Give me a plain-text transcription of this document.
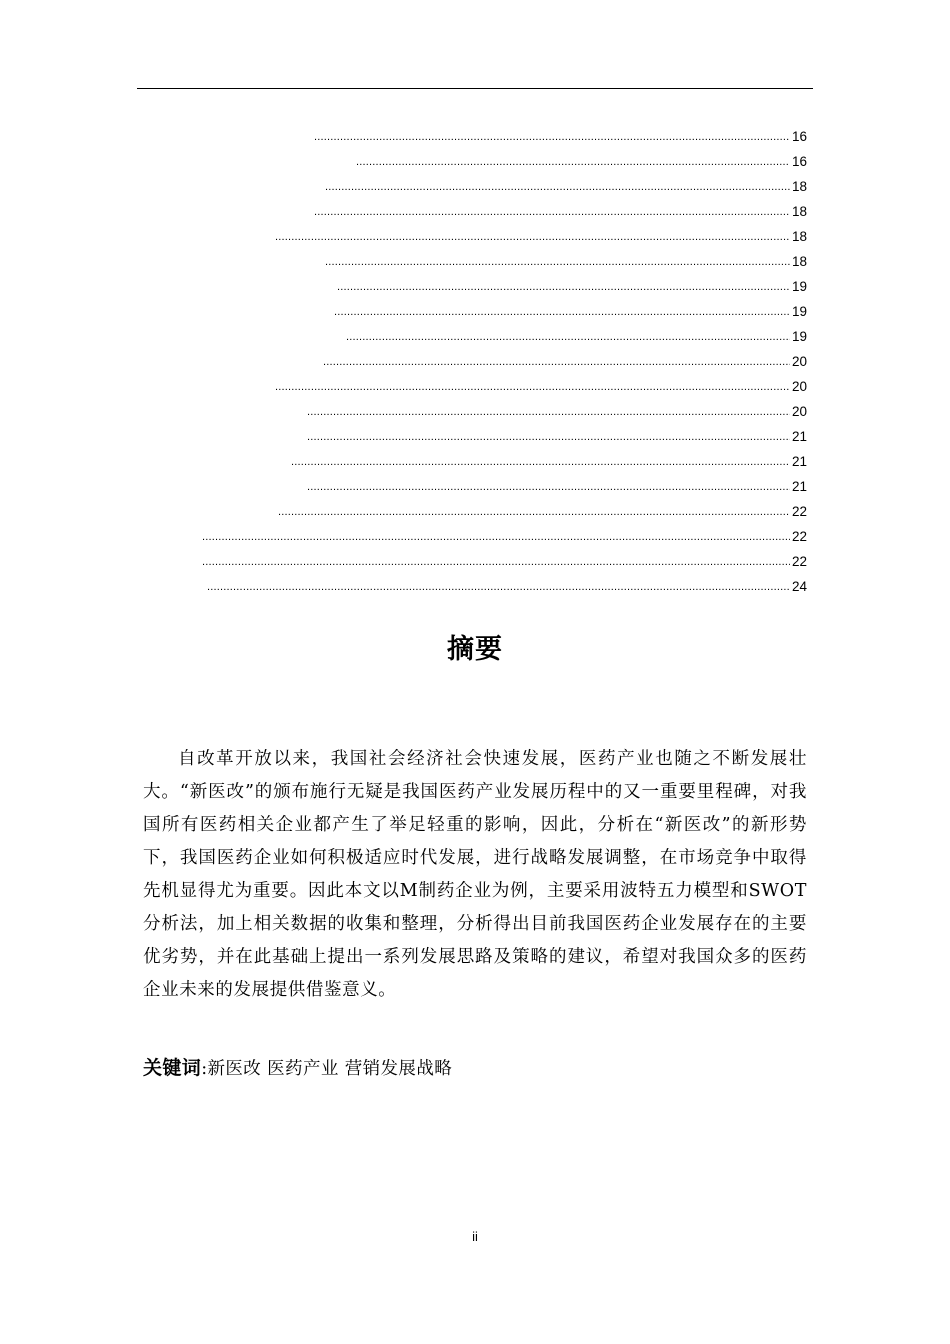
.....
16
.....
16
.....
18
.....
18
.....
18
.....
18
.....
19
.....
19
.....
19
.....
20
.....
20
.....
20
.....
21
.....
21
.....
21
.....
22
.....
22
.....
22
.....
24
摘要

自改革开放以来，我国社会经济社会快速发展，医药产业也随之不断发展壮大。“新医改”的颁布施行无疑是我国医药产业发展历程中的又一重要里程碑，对我国所有医药相关企业都产生了举足轻重的影响，因此，分析在“新医改”的新形势下，我国医药企业如何积极适应时代发展，进行战略发展调整，在市场竞争中取得先机显得尤为重要。因此本文以M制药企业为例，主要采用波特五力模型和SWOT分析法，加上相关数据的收集和整理，分析得出目前我国医药企业发展存在的主要优劣势，并在此基础上提出一系列发展思路及策略的建议，希望对我国众多的医药企业未来的发展提供借鉴意义。

关键词:新医改 医药产业 营销发展战略
ii
